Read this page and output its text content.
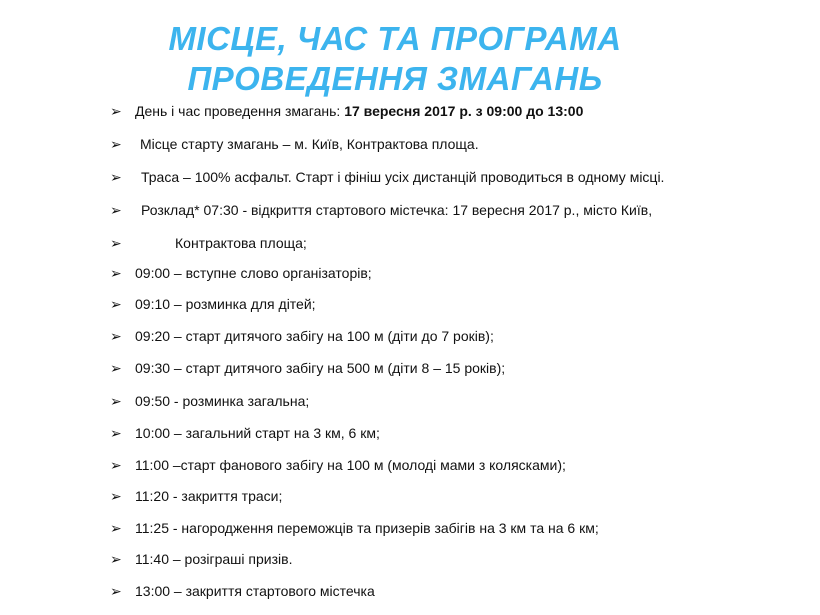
МІСЦЕ, ЧАС ТА ПРОГРАМА
ПРОВЕДЕННЯ ЗМАГАНЬ
➢ День і час проведення змагань: 17 вересня 2017 р. з 09:00 до 13:00
➢ Місце старту змагань – м. Київ, Контрактова площа.
➢ Траса – 100% асфальт. Старт і фініш усіх дистанцій проводиться в одному місці.
➢ Розклад* 07:30 - відкриття стартового містечка: 17 вересня 2017 р., місто Київ,
➢	Контрактова площа;
➢ 09:00 – вступне слово організаторів;
➢ 09:10 – розминка для дітей;
➢ 09:20 – старт дитячого забігу на 100 м (діти до 7 років);
➢ 09:30 – старт дитячого забігу на 500 м (діти 8 – 15 років);
➢ 09:50 - розминка загальна;
➢ 10:00 – загальний старт на 3 км, 6 км;
➢ 11:00 –старт фанового забігу на 100 м (молоді мами з колясками);
➢ 11:20 - закриття траси;
➢ 11:25 - нагородження переможців та призерів забігів на 3 км та на 6 км;
➢ 11:40 – розіграші призів.
➢ 13:00 – закриття стартового містечка
